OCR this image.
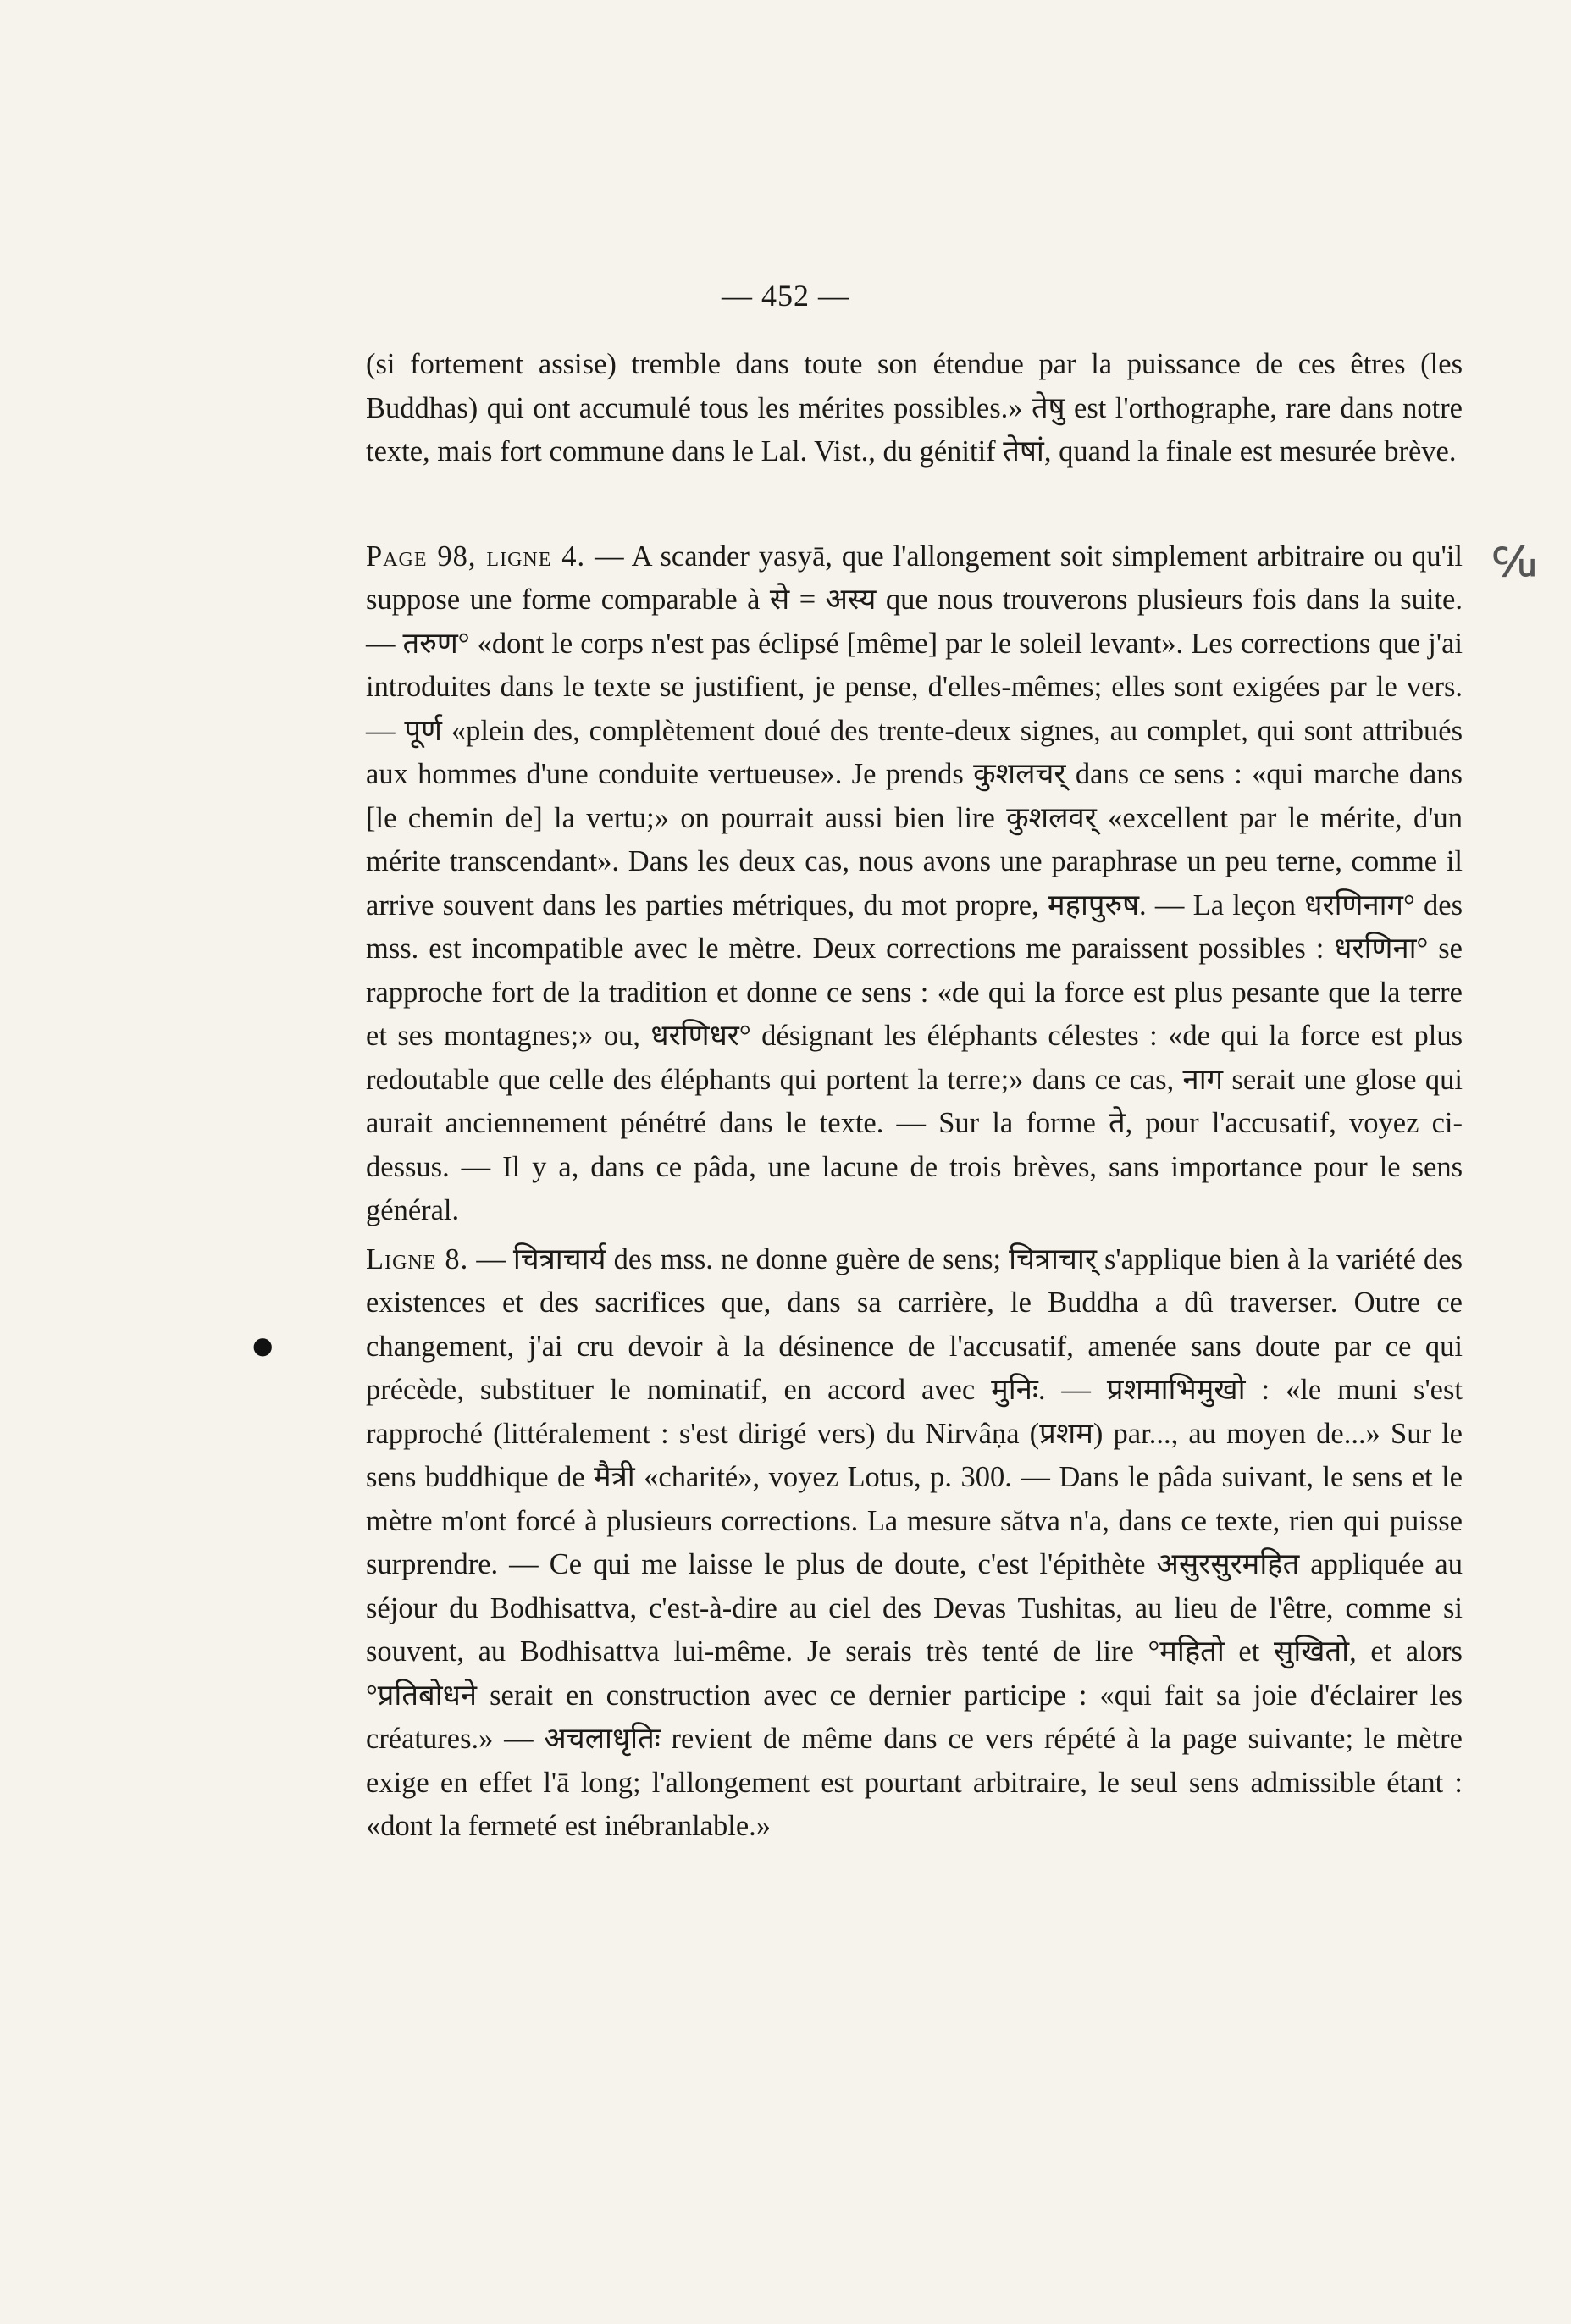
— 452 —

(si fortement assise) tremble dans toute son étendue par la puissance de ces êtres (les Buddhas) qui ont accumulé tous les mérites possibles.» तेषु est l'orthographe, rare dans notre texte, mais fort commune dans le Lal. Vist., du génitif तेषां, quand la finale est mesurée brève.

Page 98, ligne 4. — A scander yasyā, que l'allongement soit simplement arbitraire ou qu'il suppose une forme comparable à से = अस्य que nous trouverons plusieurs fois dans la suite. — तरुण° «dont le corps n'est pas éclipsé [même] par le soleil levant». Les corrections que j'ai introduites dans le texte se justifient, je pense, d'elles-mêmes; elles sont exigées par le vers. — पूर्ण «plein des, complètement doué des trente-deux signes, au complet, qui sont attribués aux hommes d'une conduite vertueuse». Je prends कुशलचर् dans ce sens : «qui marche dans [le chemin de] la vertu;» on pourrait aussi bien lire कुशलवर् «excellent par le mérite, d'un mérite transcendant». Dans les deux cas, nous avons une paraphrase un peu terne, comme il arrive souvent dans les parties métriques, du mot propre, महापुरुष. — La leçon धरणिनाग° des mss. est incompatible avec le mètre. Deux corrections me paraissent possibles : धरणिना° se rapproche fort de la tradition et donne ce sens : «de qui la force est plus pesante que la terre et ses montagnes;» ou, धरणिधर° désignant les éléphants célestes : «de qui la force est plus redoutable que celle des éléphants qui portent la terre;» dans ce cas, नाग serait une glose qui aurait anciennement pénétré dans le texte. — Sur la forme ते, pour l'accusatif, voyez ci-dessus. — Il y a, dans ce pâda, une lacune de trois brèves, sans importance pour le sens général.

Ligne 8. — चित्राचार्य des mss. ne donne guère de sens; चित्राचार् s'applique bien à la variété des existences et des sacrifices que, dans sa carrière, le Buddha a dû traverser. Outre ce changement, j'ai cru devoir à la désinence de l'accusatif, amenée sans doute par ce qui précède, substituer le nominatif, en accord avec मुनिः. — प्रशमाभिमुखो : «le muni s'est rapproché (littéralement : s'est dirigé vers) du Nirvâṇa (प्रशम) par..., au moyen de...» Sur le sens buddhique de मैत्री «charité», voyez Lotus, p. 300. — Dans le pâda suivant, le sens et le mètre m'ont forcé à plusieurs corrections. La mesure sătva n'a, dans ce texte, rien qui puisse surprendre. — Ce qui me laisse le plus de doute, c'est l'épithète असुरसुरमहित appliquée au séjour du Bodhisattva, c'est-à-dire au ciel des Devas Tushitas, au lieu de l'être, comme si souvent, au Bodhisattva lui-même. Je serais très tenté de lire °महितो et सुखितो, et alors °प्रतिबोधने serait en construction avec ce dernier participe : «qui fait sa joie d'éclairer les créatures.» — अचलाधृतिः revient de même dans ce vers répété à la page suivante; le mètre exige en effet l'ā long; l'allongement est pourtant arbitraire, le seul sens admissible étant : «dont la fermeté est inébranlable.»

℆
●
